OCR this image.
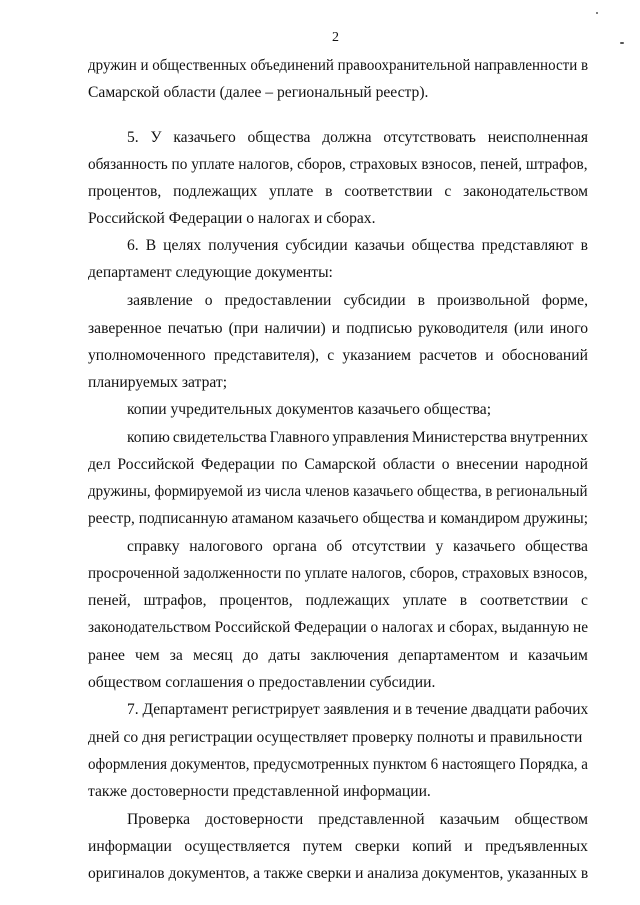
2
дружин и общественных объединений правоохранительной направленности в
Самарской области (далее – региональный реестр).
5. У казачьего общества должна отсутствовать неисполненная
обязанность по уплате налогов, сборов, страховых взносов, пеней, штрафов,
процентов, подлежащих уплате в соответствии с законодательством
Российской Федерации о налогах и сборах.
6. В целях получения субсидии казачьи общества представляют в
департамент следующие документы:
заявление о предоставлении субсидии в произвольной форме,
заверенное печатью (при наличии) и подписью руководителя (или иного
уполномоченного представителя), с указанием расчетов и обоснований
планируемых затрат;
копии учредительных документов казачьего общества;
копию свидетельства Главного управления Министерства внутренних
дел Российской Федерации по Самарской области о внесении народной
дружины, формируемой из числа членов казачьего общества, в региональный
реестр, подписанную атаманом казачьего общества и командиром дружины;
справку налогового органа об отсутствии у казачьего общества
просроченной задолженности по уплате налогов, сборов, страховых взносов,
пеней, штрафов, процентов, подлежащих уплате в соответствии с
законодательством Российской Федерации о налогах и сборах, выданную не
ранее чем за месяц до даты заключения департаментом и казачьим
обществом соглашения о предоставлении субсидии.
7. Департамент регистрирует заявления и в течение двадцати рабочих
дней со дня регистрации осуществляет проверку полноты и правильности
оформления документов, предусмотренных пунктом 6 настоящего Порядка, а
также достоверности представленной информации.
Проверка достоверности представленной казачьим обществом
информации осуществляется путем сверки копий и предъявленных
оригиналов документов, а также сверки и анализа документов, указанных в
